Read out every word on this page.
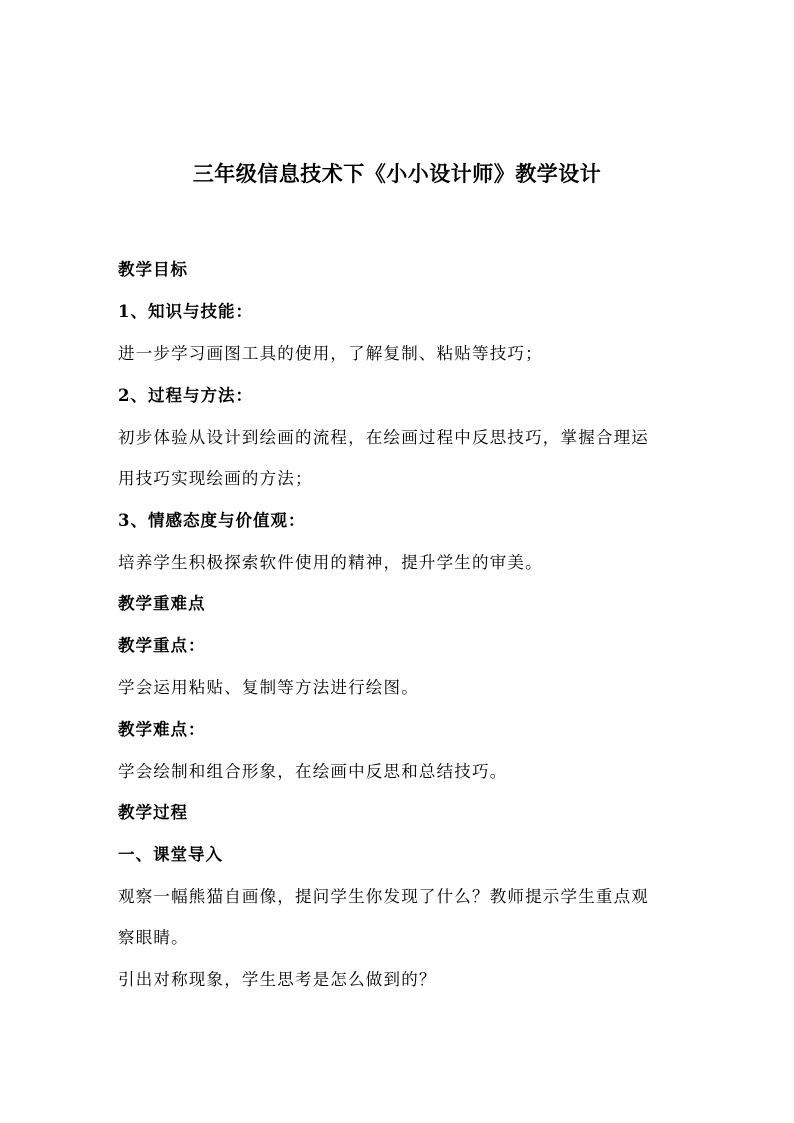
三年级信息技术下《小小设计师》教学设计
教学目标
1、知识与技能：
进一步学习画图工具的使用，了解复制、粘贴等技巧；
2、过程与方法：
初步体验从设计到绘画的流程，在绘画过程中反思技巧，掌握合理运
用技巧实现绘画的方法；
3、情感态度与价值观：
培养学生积极探索软件使用的精神，提升学生的审美。
教学重难点
教学重点：
学会运用粘贴、复制等方法进行绘图。
教学难点：
学会绘制和组合形象，在绘画中反思和总结技巧。
教学过程
一、课堂导入
观察一幅熊猫自画像，提问学生你发现了什么？教师提示学生重点观
察眼睛。
引出对称现象，学生思考是怎么做到的？
